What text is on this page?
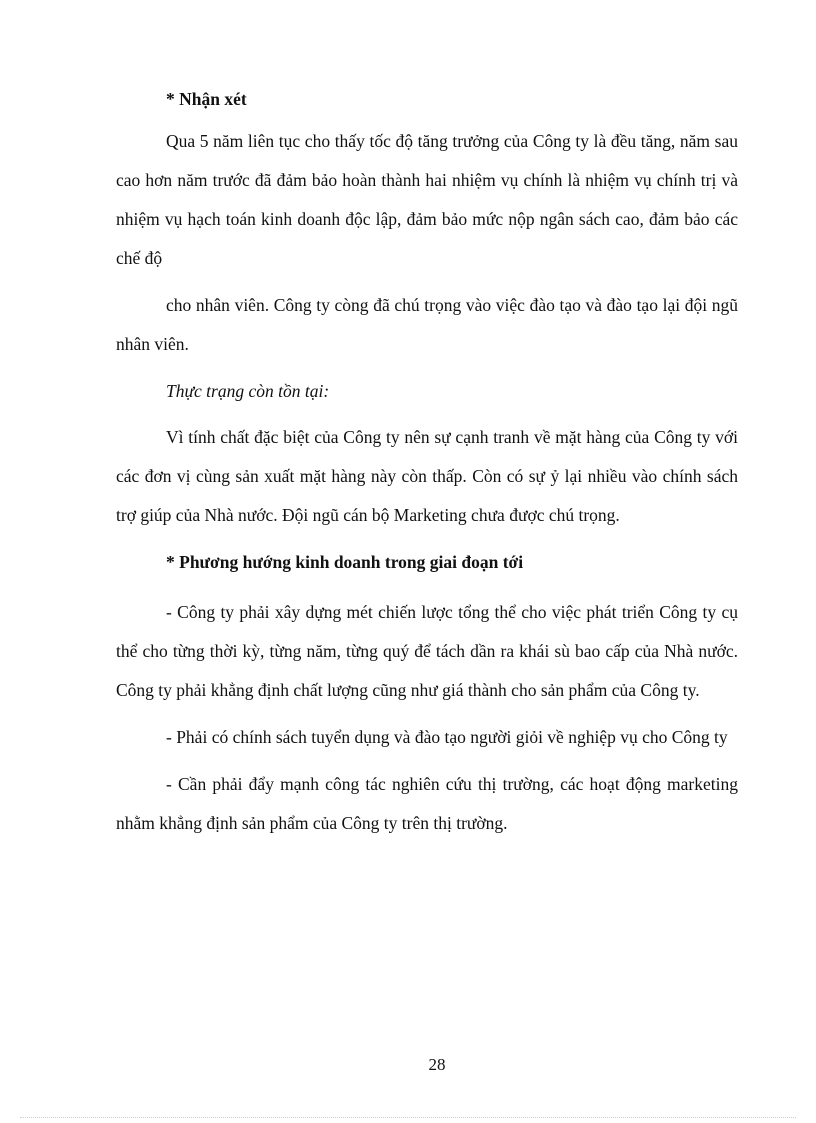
* Nhận xét

Qua 5 năm liên tục cho thấy tốc độ tăng trưởng của Công ty là đều tăng, năm sau cao hơn năm trước đã đảm bảo hoàn thành hai nhiệm vụ chính là nhiệm vụ chính trị và nhiệm vụ hạch toán kinh doanh độc lập, đảm bảo mức nộp ngân sách cao, đảm bảo các chế độ

cho nhân viên. Công ty còng đã chú trọng vào việc đào tạo và đào tạo lại đội ngũ nhân viên.

Thực trạng còn tồn tại:

Vì tính chất đặc biệt của Công ty nên sự cạnh tranh về mặt hàng của Công ty với các đơn vị cùng sản xuất mặt hàng này còn thấp. Còn có sự ỷ lại nhiều vào chính sách trợ giúp của Nhà nước. Đội ngũ cán bộ Marketing chưa được chú trọng.

* Phương hướng kinh doanh trong giai đoạn tới

- Công ty phải xây dựng mét chiến lược tổng thể cho việc phát triển Công ty cụ thể cho từng thời kỳ, từng năm, từng quý để tách dần ra khái sù bao cấp của Nhà nước. Công ty phải khẳng định chất lượng cũng như giá thành cho sản phẩm của Công ty.

- Phải có chính sách tuyển dụng và đào tạo người giỏi về nghiệp vụ cho Công ty

- Cần phải đẩy mạnh công tác nghiên cứu thị trường, các hoạt động marketing nhằm khẳng định sản phẩm của Công ty trên thị trường.

28
